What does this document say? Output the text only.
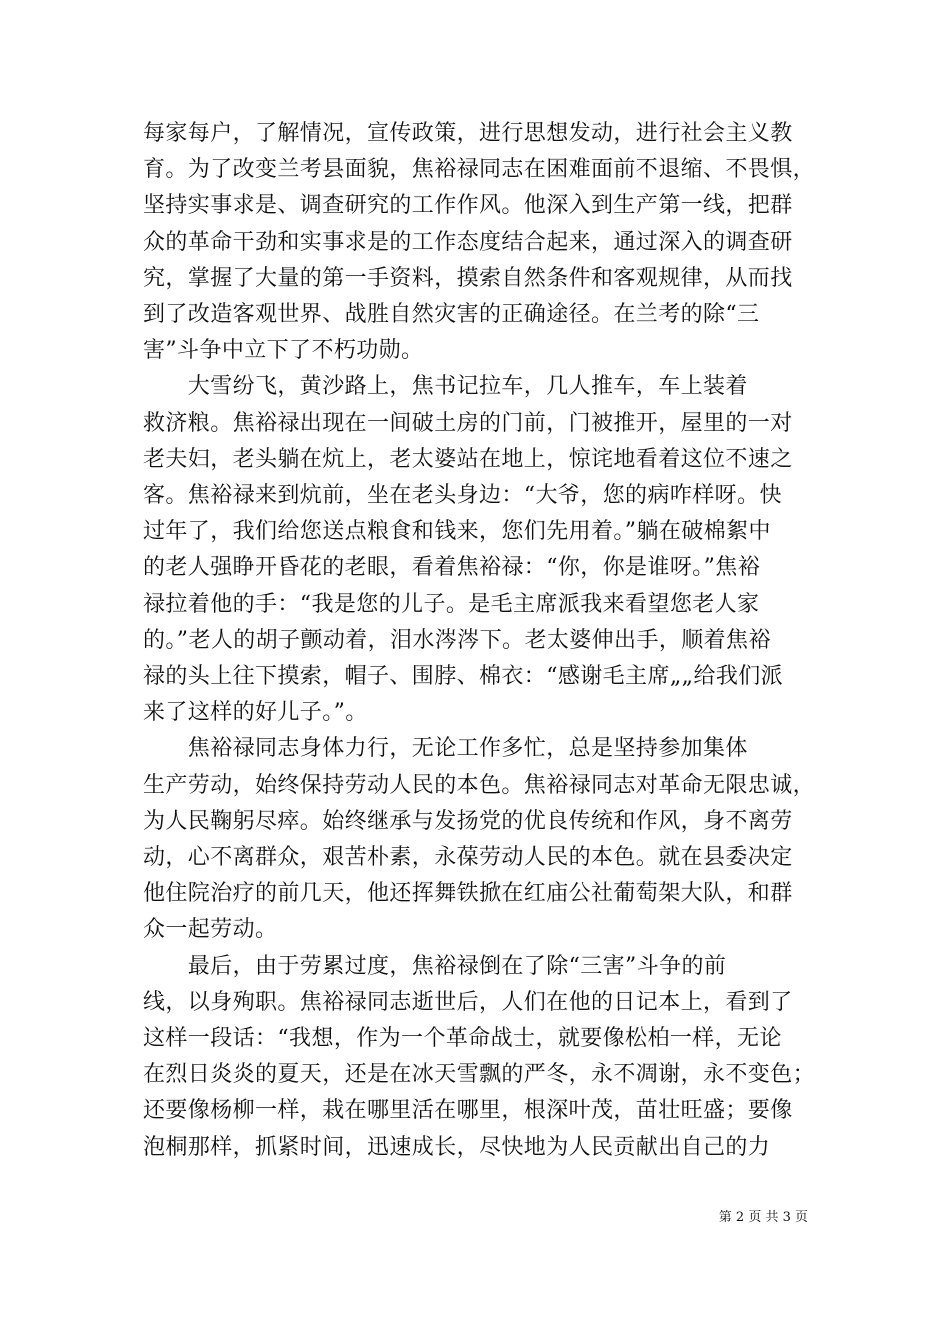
每家每户，了解情况，宣传政策，进行思想发动，进行社会主义教
育。为了改变兰考县面貌，焦裕禄同志在困难面前不退缩、不畏惧，
坚持实事求是、调查研究的工作作风。他深入到生产第一线，把群
众的革命干劲和实事求是的工作态度结合起来，通过深入的调查研
究，掌握了大量的第一手资料，摸索自然条件和客观规律，从而找
到了改造客观世界、战胜自然灾害的正确途径。在兰考的除“三
害”斗争中立下了不朽功勋。
　　大雪纷飞，黄沙路上，焦书记拉车，几人推车，车上装着
救济粮。焦裕禄出现在一间破土房的门前，门被推开，屋里的一对
老夫妇，老头躺在炕上，老太婆站在地上，惊诧地看着这位不速之
客。焦裕禄来到炕前，坐在老头身边：“大爷，您的病咋样呀。快
过年了，我们给您送点粮食和钱来，您们先用着。”躺在破棉絮中
的老人强睁开昏花的老眼，看着焦裕禄：“你，你是谁呀。”焦裕
禄拉着他的手：“我是您的儿子。是毛主席派我来看望您老人家
的。”老人的胡子颤动着，泪水涔涔下。老太婆伸出手，顺着焦裕
禄的头上往下摸索，帽子、围脖、棉衣：“感谢毛主席„„给我们派
来了这样的好儿子。”。
　　焦裕禄同志身体力行，无论工作多忙，总是坚持参加集体
生产劳动，始终保持劳动人民的本色。焦裕禄同志对革命无限忠诚，
为人民鞠躬尽瘁。始终继承与发扬党的优良传统和作风，身不离劳
动，心不离群众，艰苦朴素，永葆劳动人民的本色。就在县委决定
他住院治疗的前几天，他还挥舞铁掀在红庙公社葡萄架大队，和群
众一起劳动。
　　最后，由于劳累过度，焦裕禄倒在了除“三害”斗争的前
线，以身殉职。焦裕禄同志逝世后，人们在他的日记本上，看到了
这样一段话：“我想，作为一个革命战士，就要像松柏一样，无论
在烈日炎炎的夏天，还是在冰天雪飘的严冬，永不凋谢，永不变色；
还要像杨柳一样，栽在哪里活在哪里，根深叶茂，苗壮旺盛；要像
泡桐那样，抓紧时间，迅速成长，尽快地为人民贡献出自己的力
第 2 页 共 3 页
